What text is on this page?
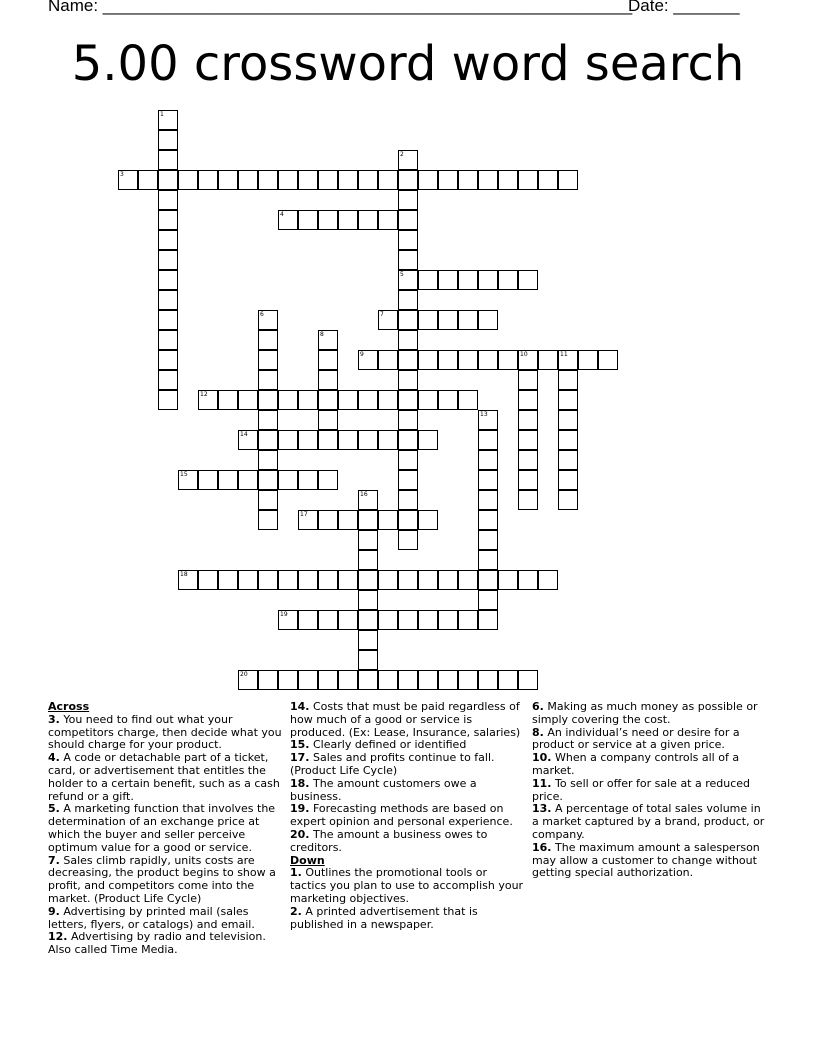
Name: ________________________________________________________
Date: _______
5.00 crossword word search
1
2
5
3
4
6	7
8
9	10	11
12
13
14
15
16
17
18
19
20
Across
3. You need to find out what your competitors charge, then decide what you should charge for your product.
4. A code or detachable part of a ticket, card, or advertisement that entitles the holder to a certain benefit, such as a cash refund or a gift.
5. A marketing function that involves the determination of an exchange price at which the buyer and seller perceive optimum value for a good or service.
7. Sales climb rapidly, units costs are decreasing, the product begins to show a profit, and competitors come into the market. (Product Life Cycle)
9. Advertising by printed mail (sales letters, flyers, or catalogs) and email.
12. Advertising by radio and television. Also called Time Media.
14. Costs that must be paid regardless of how much of a good or service is produced. (Ex: Lease, Insurance, salaries)
15. Clearly defined or identified
17. Sales and profits continue to fall. (Product Life Cycle)
18. The amount customers owe a business.
19. Forecasting methods are based on expert opinion and personal experience.
20. The amount a business owes to creditors.
Down
1. Outlines the promotional tools or tactics you plan to use to accomplish your marketing objectives.
2. A printed advertisement that is published in a newspaper.
6. Making as much money as possible or simply covering the cost.
8. An individual’s need or desire for a product or service at a given price.
10. When a company controls all of a market.
11. To sell or offer for sale at a reduced price.
13. A percentage of total sales volume in a market captured by a brand, product, or company.
16. The maximum amount a salesperson may allow a customer to change without getting special authorization.
